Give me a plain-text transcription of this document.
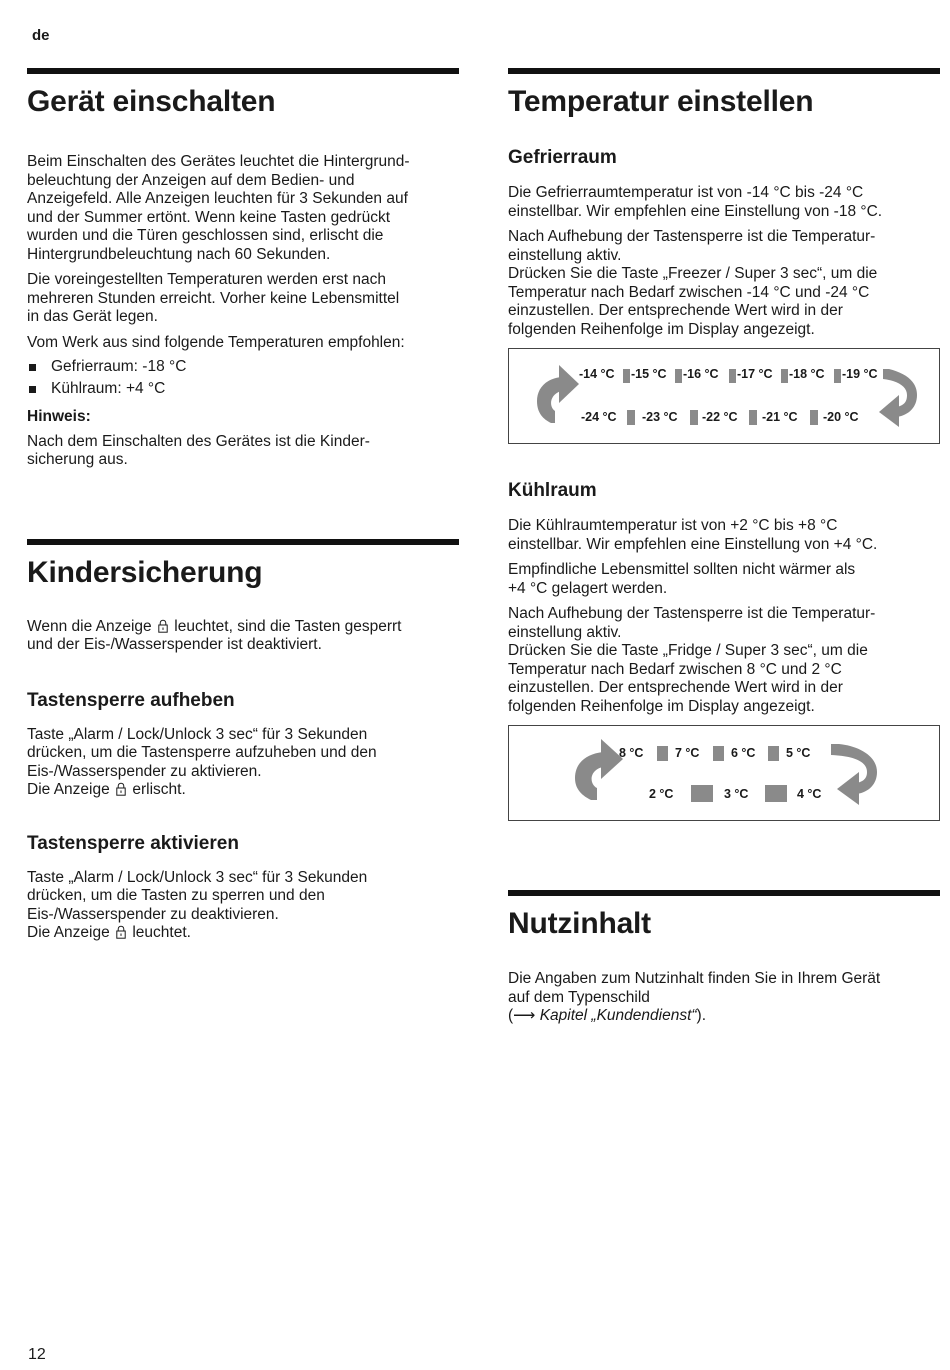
de
Gerät einschalten

Beim Einschalten des Gerätes leuchtet die Hintergrund-
beleuchtung der Anzeigen auf dem Bedien- und
Anzeigefeld. Alle Anzeigen leuchten für 3 Sekunden auf
und der Summer ertönt. Wenn keine Tasten gedrückt
wurden und die Türen geschlossen sind, erlischt die
Hintergrundbeleuchtung nach 60 Sekunden.

Die voreingestellten Temperaturen werden erst nach
mehreren Stunden erreicht. Vorher keine Lebensmittel
in das Gerät legen.

Vom Werk aus sind folgende Temperaturen empfohlen:

Gefrierraum: -18 °C
Kühlraum: +4 °C
Hinweis:

Nach dem Einschalten des Gerätes ist die Kinder-
sicherung aus.

Kindersicherung

Wenn die Anzeige leuchtet, sind die Tasten gesperrt
und der Eis-/Wasserspender ist deaktiviert.

Tastensperre aufheben

Taste „Alarm / Lock/Unlock 3 sec“ für 3 Sekunden
drücken, um die Tastensperre aufzuheben und den
Eis-/Wasserspender zu aktivieren.
Die Anzeige erlischt.

Tastensperre aktivieren

Taste „Alarm / Lock/Unlock 3 sec“ für 3 Sekunden
drücken, um die Tasten zu sperren und den
Eis-/Wasserspender zu deaktivieren.
Die Anzeige leuchtet.

Temperatur einstellen
Gefrierraum

Die Gefrierraumtemperatur ist von -14 °C bis -24 °C
einstellbar. Wir empfehlen eine Einstellung von -18 °C.

Nach Aufhebung der Tastensperre ist die Temperatur-
einstellung aktiv.
Drücken Sie die Taste „Freezer / Super 3 sec“, um die
Temperatur nach Bedarf zwischen -14 °C und -24 °C
einzustellen. Der entsprechende Wert wird in der
folgenden Reihenfolge im Display angezeigt.

-14 °C -15 °C -16 °C -17 °C -18 °C -19 °C
-24 °C -23 °C -22 °C -21 °C -20 °C
Kühlraum

Die Kühlraumtemperatur ist von +2 °C bis +8 °C
einstellbar. Wir empfehlen eine Einstellung von +4 °C.

Empfindliche Lebensmittel sollten nicht wärmer als
+4 °C gelagert werden.

Nach Aufhebung der Tastensperre ist die Temperatur-
einstellung aktiv.
Drücken Sie die Taste „Fridge / Super 3 sec“, um die
Temperatur nach Bedarf zwischen 8 °C und 2 °C
einzustellen. Der entsprechende Wert wird in der
folgenden Reihenfolge im Display angezeigt.

8 °C	7 °C	6 °C 5 °C
2 °C	3 °C	4 °C
Nutzinhalt

Die Angaben zum Nutzinhalt finden Sie in Ihrem Gerät
auf dem Typenschild
(⟶ Kapitel „Kundendienst“).

12
